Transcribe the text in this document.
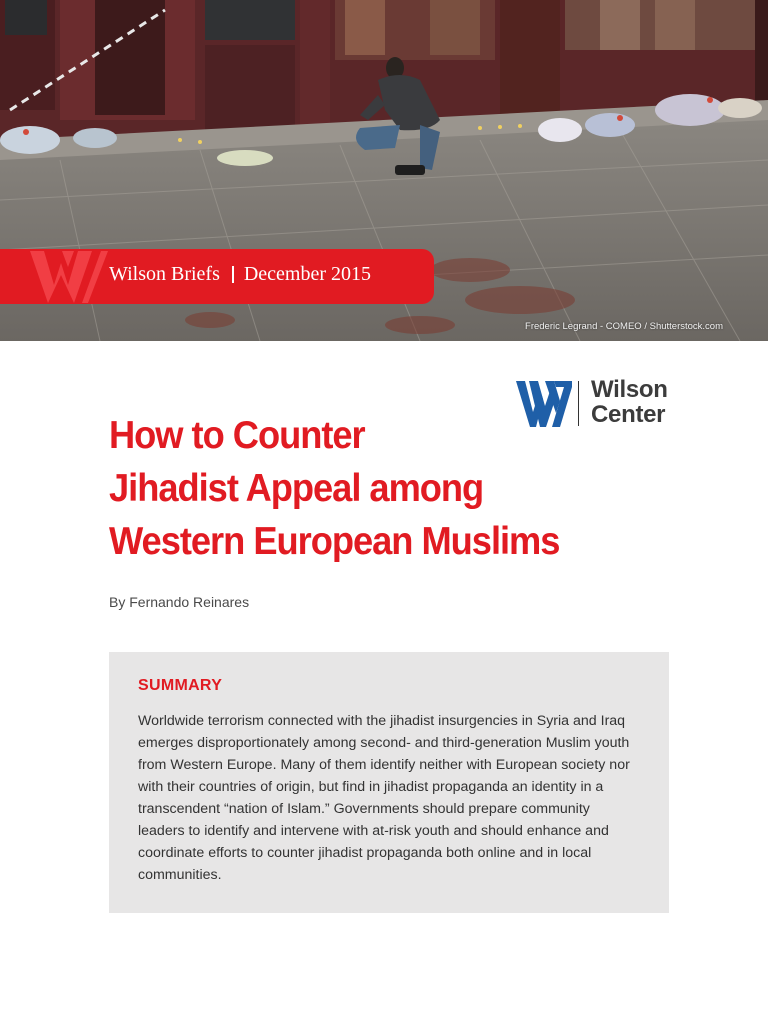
Frederic Legrand - COMEO / Shutterstock.com
Wilson Briefs December 2015
Wilson
Center
How to Counter
Jihadist Appeal among
Western European Muslims
By Fernando Reinares
SUMMARY

Worldwide terrorism connected with the jihadist insurgencies in Syria and Iraq emerges disproportionately among second- and third-generation Muslim youth from Western Europe. Many of them identify neither with European society nor with their countries of origin, but find in jihadist propaganda an identity in a transcendent “nation of Islam.” Governments should prepare community leaders to identify and intervene with at-risk youth and should enhance and coordinate efforts to counter jihadist propaganda both online and in local communities.
